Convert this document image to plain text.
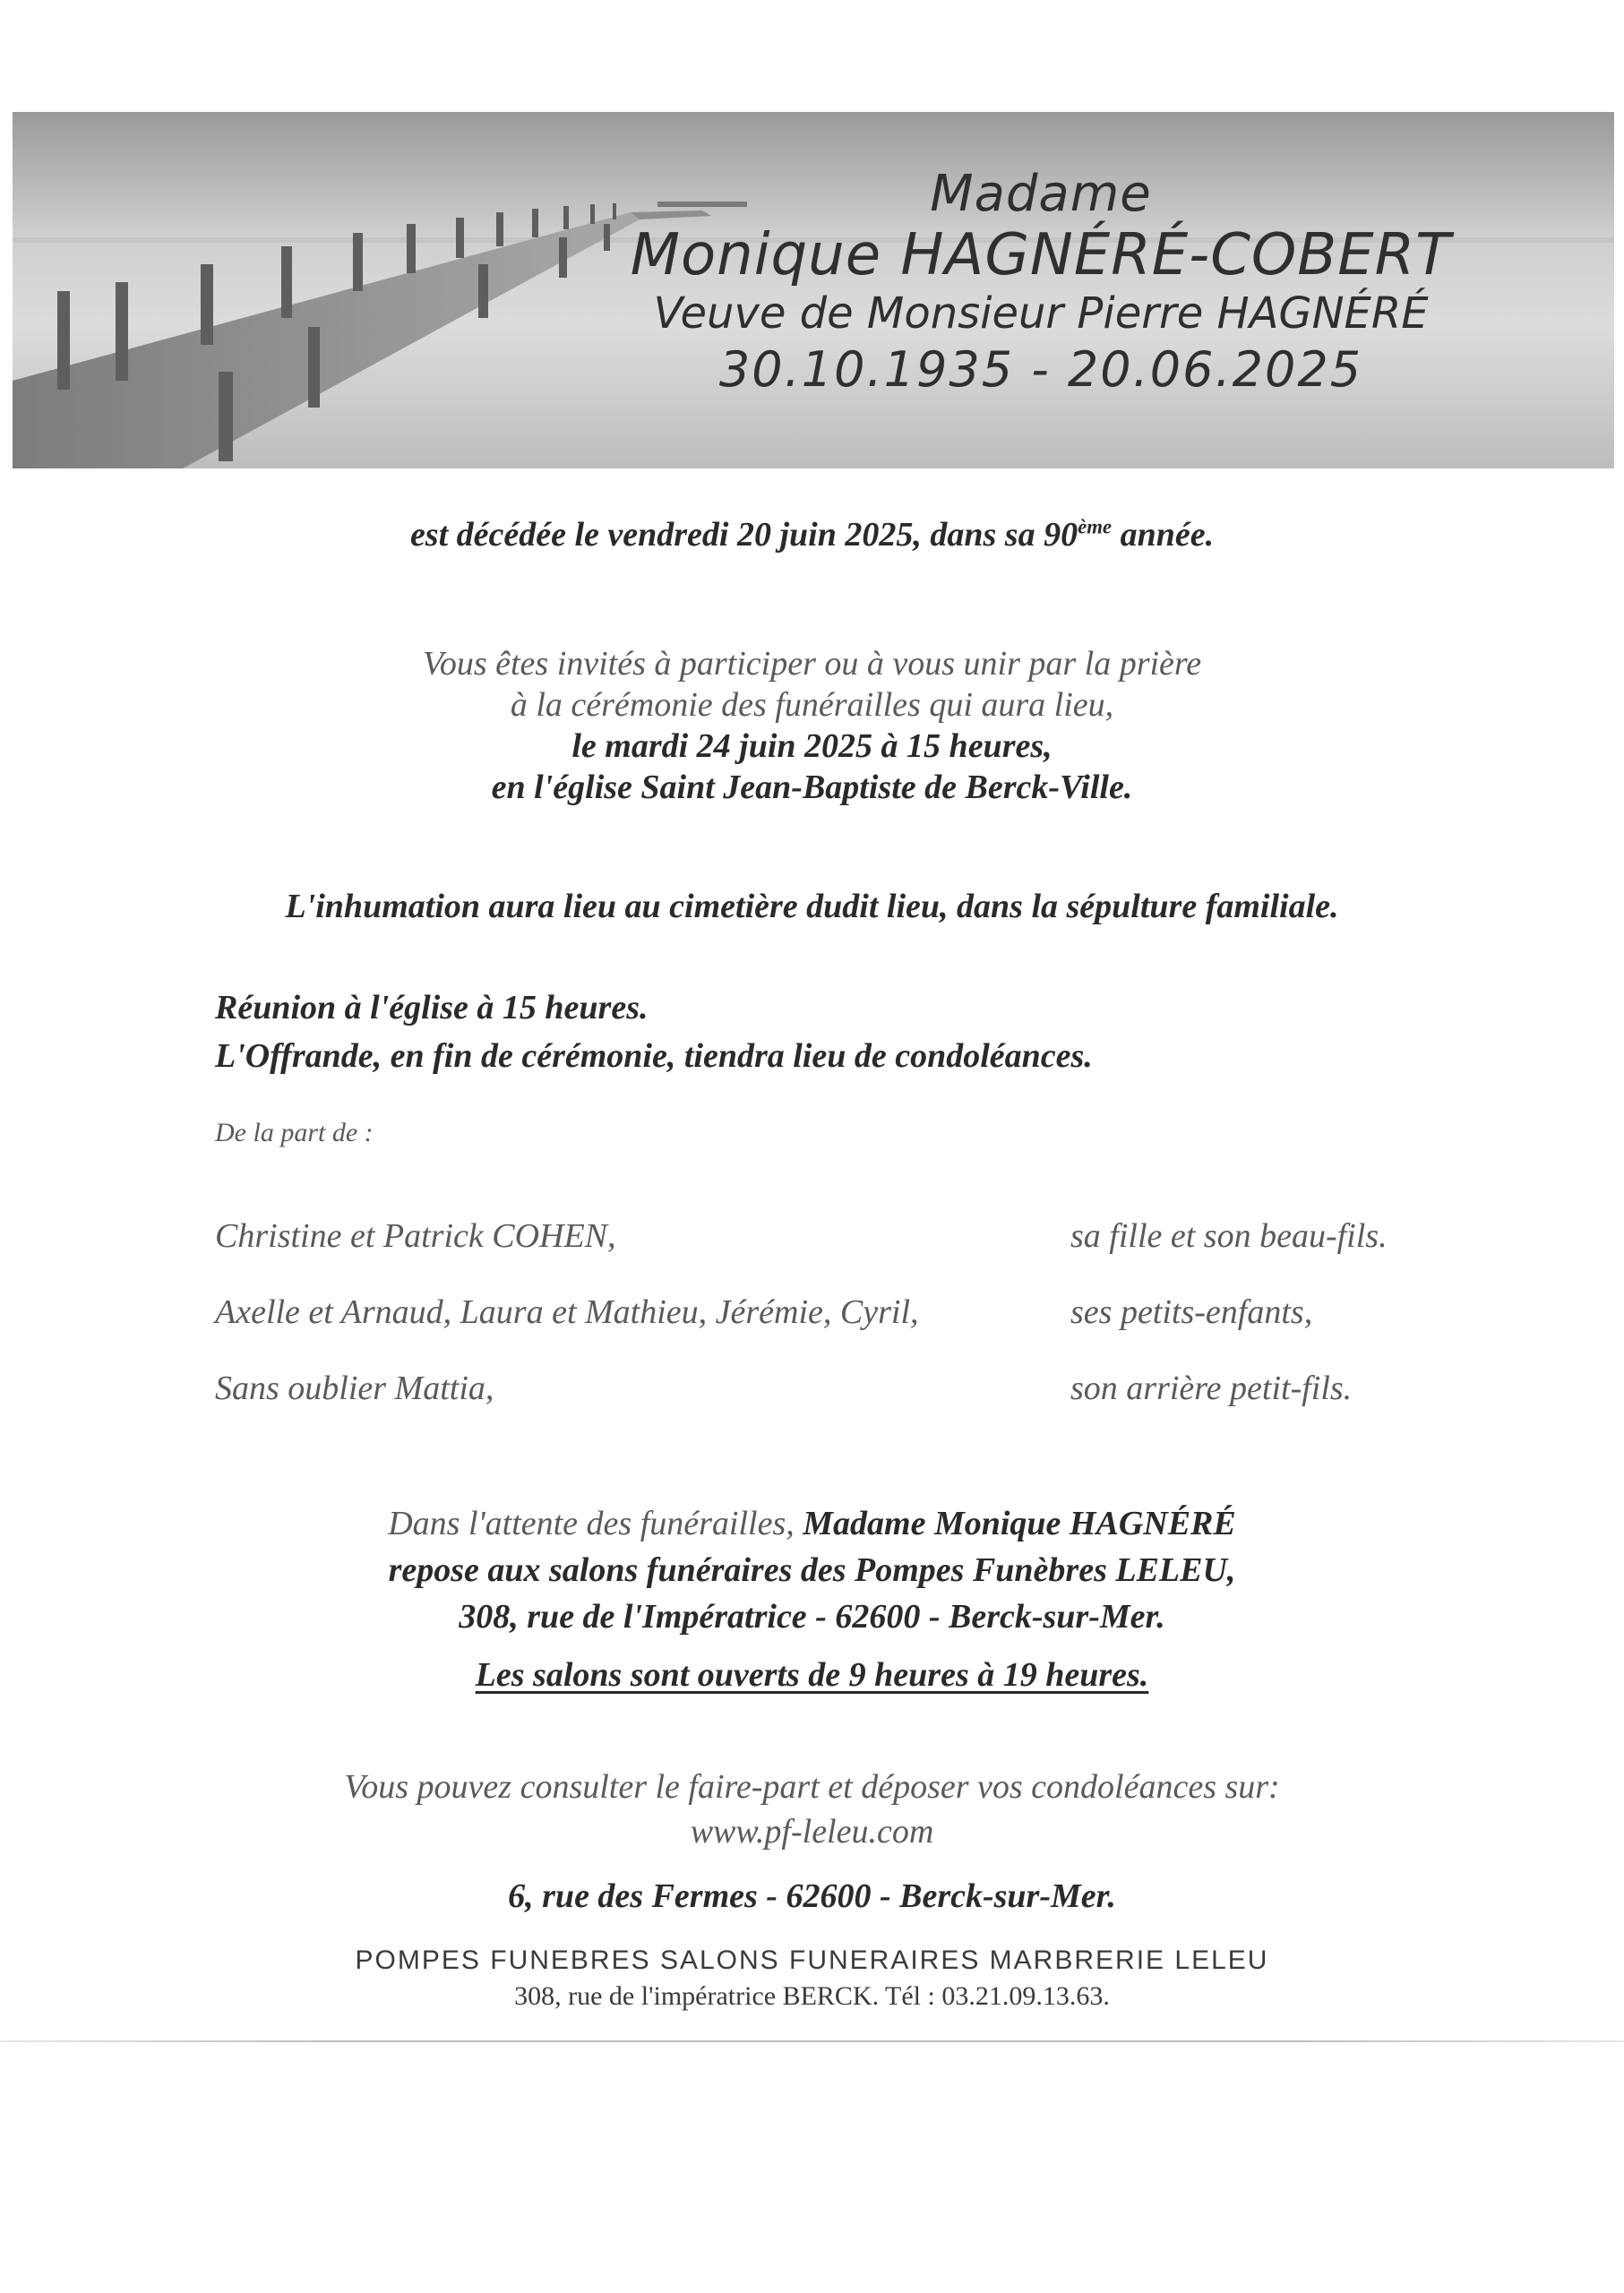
Madame
Monique HAGNÉRÉ-COBERT
Veuve de Monsieur Pierre HAGNÉRÉ
30.10.1935 - 20.06.2025
est décédée le vendredi 20 juin 2025, dans sa 90ème année.
Vous êtes invités à participer ou à vous unir par la prière
à la cérémonie des funérailles qui aura lieu,
le mardi 24 juin 2025 à 15 heures,
en l'église Saint Jean-Baptiste de Berck-Ville.
L'inhumation aura lieu au cimetière dudit lieu, dans la sépulture familiale.
Réunion à l'église à 15 heures.
L'Offrande, en fin de cérémonie, tiendra lieu de condoléances.
De la part de :
Christine et Patrick COHEN,	sa fille et son beau-fils.
Axelle et Arnaud, Laura et Mathieu, Jérémie, Cyril,	ses petits-enfants,
Sans oublier Mattia,	son arrière petit-fils.
Dans l'attente des funérailles, Madame Monique HAGNÉRÉ
repose aux salons funéraires des Pompes Funèbres LELEU,
308, rue de l'Impératrice - 62600 - Berck-sur-Mer.
Les salons sont ouverts de 9 heures à 19 heures.
Vous pouvez consulter le faire-part et déposer vos condoléances sur:
www.pf-leleu.com
6, rue des Fermes - 62600 - Berck-sur-Mer.
POMPES FUNEBRES SALONS FUNERAIRES MARBRERIE LELEU
308, rue de l'impératrice BERCK. Tél : 03.21.09.13.63.
